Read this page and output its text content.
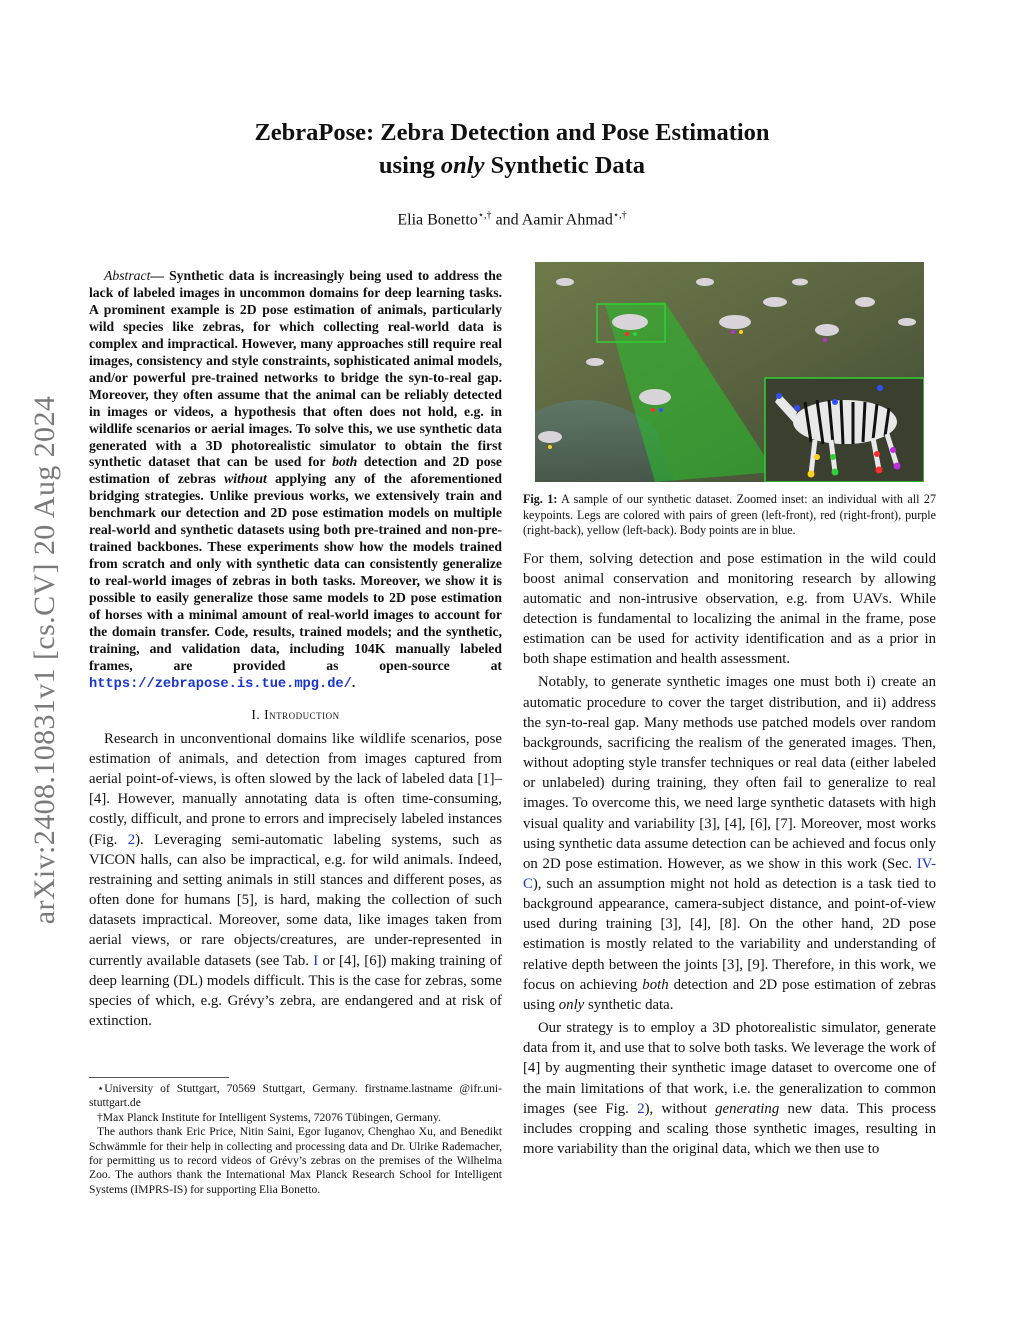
arXiv:2408.10831v1 [cs.CV] 20 Aug 2024
ZebraPose: Zebra Detection and Pose Estimation
using only Synthetic Data
Elia Bonetto⋆,† and Aamir Ahmad⋆,†

Abstract— Synthetic data is increasingly being used to address the lack of labeled images in uncommon domains for deep learning tasks. A prominent example is 2D pose estimation of animals, particularly wild species like zebras, for which collecting real-world data is complex and impractical. However, many approaches still require real images, consistency and style constraints, sophisticated animal models, and/or powerful pre-trained networks to bridge the syn-to-real gap. Moreover, they often assume that the animal can be reliably detected in images or videos, a hypothesis that often does not hold, e.g. in wildlife scenarios or aerial images. To solve this, we use synthetic data generated with a 3D photorealistic simulator to obtain the first synthetic dataset that can be used for both detection and 2D pose estimation of zebras without applying any of the aforementioned bridging strategies. Unlike previous works, we extensively train and benchmark our detection and 2D pose estimation models on multiple real-world and synthetic datasets using both pre-trained and non-pre-trained backbones. These experiments show how the models trained from scratch and only with synthetic data can consistently generalize to real-world images of zebras in both tasks. Moreover, we show it is possible to easily generalize those same models to 2D pose estimation of horses with a minimal amount of real-world images to account for the domain transfer. Code, results, trained models; and the synthetic, training, and validation data, including 104K manually labeled frames, are provided as open-source at https://zebrapose.is.tue.mpg.de/.

I. Introduction

Research in unconventional domains like wildlife scenarios, pose estimation of animals, and detection from images captured from aerial point-of-views, is often slowed by the lack of labeled data [1]–[4]. However, manually annotating data is often time-consuming, costly, difficult, and prone to errors and imprecisely labeled instances (Fig. 2). Leveraging semi-automatic labeling systems, such as VICON halls, can also be impractical, e.g. for wild animals. Indeed, restraining and setting animals in still stances and different poses, as often done for humans [5], is hard, making the collection of such datasets impractical. Moreover, some data, like images taken from aerial views, or rare objects/creatures, are under-represented in currently available datasets (see Tab. I or [4], [6]) making training of deep learning (DL) models difficult. This is the case for zebras, some species of which, e.g. Grévy’s zebra, are endangered and at risk of extinction.

⋆University of Stuttgart, 70569 Stuttgart, Germany. firstname.lastname @ifr.uni-stuttgart.de

†Max Planck Institute for Intelligent Systems, 72076 Tübingen, Germany.

The authors thank Eric Price, Nitin Saini, Egor Iuganov, Chenghao Xu, and Benedikt Schwämmle for their help in collecting and processing data and Dr. Ulrike Rademacher, for permitting us to record videos of Grévy’s zebras on the premises of the Wilhelma Zoo. The authors thank the International Max Planck Research School for Intelligent Systems (IMPRS-IS) for supporting Elia Bonetto.

Fig. 1: A sample of our synthetic dataset. Zoomed inset: an individual with all 27 keypoints. Legs are colored with pairs of green (left-front), red (right-front), purple (right-back), yellow (left-back). Body points are in blue.

For them, solving detection and pose estimation in the wild could boost animal conservation and monitoring research by allowing automatic and non-intrusive observation, e.g. from UAVs. While detection is fundamental to localizing the animal in the frame, pose estimation can be used for activity identification and as a prior in both shape estimation and health assessment.

Notably, to generate synthetic images one must both i) create an automatic procedure to cover the target distribution, and ii) address the syn-to-real gap. Many methods use patched models over random backgrounds, sacrificing the realism of the generated images. Then, without adopting style transfer techniques or real data (either labeled or unlabeled) during training, they often fail to generalize to real images. To overcome this, we need large synthetic datasets with high visual quality and variability [3], [4], [6], [7]. Moreover, most works using synthetic data assume detection can be achieved and focus only on 2D pose estimation. However, as we show in this work (Sec. IV-C), such an assumption might not hold as detection is a task tied to background appearance, camera-subject distance, and point-of-view used during training [3], [4], [8]. On the other hand, 2D pose estimation is mostly related to the variability and understanding of relative depth between the joints [3], [9]. Therefore, in this work, we focus on achieving both detection and 2D pose estimation of zebras using only synthetic data.

Our strategy is to employ a 3D photorealistic simulator, generate data from it, and use that to solve both tasks. We leverage the work of [4] by augmenting their synthetic image dataset to overcome one of the main limitations of that work, i.e. the generalization to common images (see Fig. 2), without generating new data. This process includes cropping and scaling those synthetic images, resulting in more variability than the original data, which we then use to
